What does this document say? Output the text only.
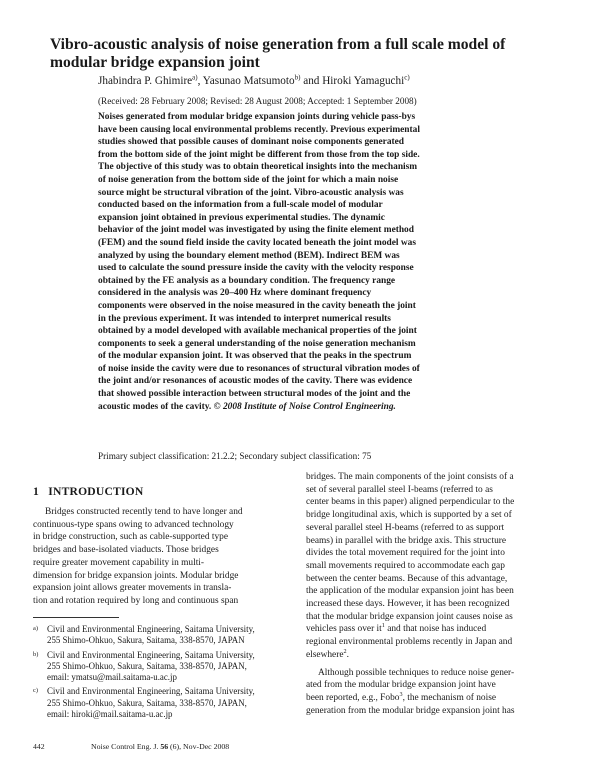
Vibro-acoustic analysis of noise generation from a full scale model of
modular bridge expansion joint
Jhabindra P. Ghimire$^{a)}$, Yasunao Matsumoto$^{b)}$ and Hiroki Yamaguchi$^{c)}$
(Received: 28 February 2008; Revised: 28 August 2008; Accepted: 1 September 2008)
Noises generated from modular bridge expansion joints during vehicle pass-bys
have been causing local environmental problems recently. Previous experimental
studies showed that possible causes of dominant noise components generated
from the bottom side of the joint might be different from those from the top side.
The objective of this study was to obtain theoretical insights into the mechanism
of noise generation from the bottom side of the joint for which a main noise
source might be structural vibration of the joint. Vibro-acoustic analysis was
conducted based on the information from a full-scale model of modular
expansion joint obtained in previous experimental studies. The dynamic
behavior of the joint model was investigated by using the finite element method
(FEM) and the sound field inside the cavity located beneath the joint model was
analyzed by using the boundary element method (BEM). Indirect BEM was
used to calculate the sound pressure inside the cavity with the velocity response
obtained by the FE analysis as a boundary condition. The frequency range
considered in the analysis was 20–400 Hz where dominant frequency
components were observed in the noise measured in the cavity beneath the joint
in the previous experiment. It was intended to interpret numerical results
obtained by a model developed with available mechanical properties of the joint
components to seek a general understanding of the noise generation mechanism
of the modular expansion joint. It was observed that the peaks in the spectrum
of noise inside the cavity were due to resonances of structural vibration modes of
the joint and/or resonances of acoustic modes of the cavity. There was evidence
that showed possible interaction between structural modes of the joint and the
acoustic modes of the cavity. © 2008 Institute of Noise Control Engineering.
Primary subject classification: 21.2.2; Secondary subject classification: 75
1 INTRODUCTION

Bridges constructed recently tend to have longer and
continuous-type spans owing to advanced technology
in bridge construction, such as cable-supported type
bridges and base-isolated viaducts. Those bridges
require greater movement capability in multi-
dimension for bridge expansion joints. Modular bridge
expansion joint allows greater movements in transla-
tion and rotation required by long and continuous span

bridges. The main components of the joint consists of a
set of several parallel steel I-beams (referred to as
center beams in this paper) aligned perpendicular to the
bridge longitudinal axis, which is supported by a set of
several parallel steel H-beams (referred to as support
beams) in parallel with the bridge axis. This structure
divides the total movement required for the joint into
small movements required to accommodate each gap
between the center beams. Because of this advantage,
the application of the modular expansion joint has been
increased these days. However, it has been recognized
that the modular bridge expansion joint causes noise as
vehicles pass over $it^1$ and that noise has induced
regional environmental problems recently in Japan and
elsewhere$^2$.

Although possible techniques to reduce noise gener-
ated from the modular bridge expansion joint have
been reported, e.g., Fobo$^3$, the mechanism of noise
generation from the modular bridge expansion joint has

a)	Civil and Environmental Engineering, Saitama University,
255 Shimo-Ohkuo, Sakura, Saitama, 338-8570, JAPAN
b) Civil and Environmental Engineering, Saitama University,
255 Shimo-Ohkuo, Sakura, Saitama, 338-8570, JAPAN,
email: ymatsu@mail.saitama-u.ac.jp
c)	Civil and Environmental Engineering, Saitama University,
255 Shimo-Ohkuo, Sakura, Saitama, 338-8570, JAPAN,
email: hiroki@mail.saitama-u.ac.jp
442	Noise Control Eng. J. 56 (6), Nov-Dec 2008
